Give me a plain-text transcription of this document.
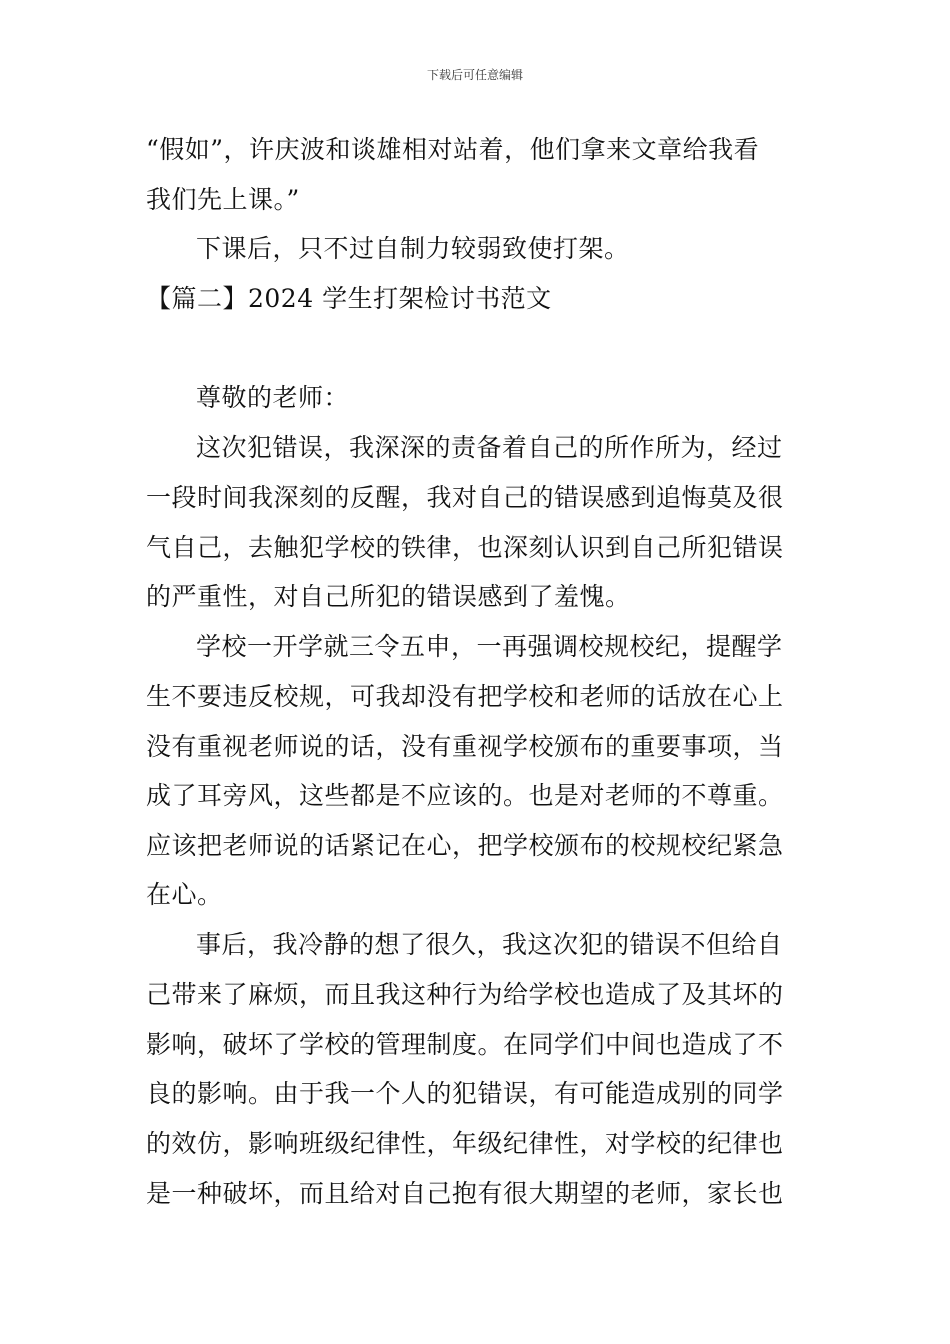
下载后可任意编辑
“假如”，许庆波和谈雄相对站着，他们拿来文章给我看
我们先上课。”
下课后，只不过自制力较弱致使打架。
【篇二】2024 学生打架检讨书范文
尊敬的老师：
这次犯错误，我深深的责备着自己的所作所为，经过
一段时间我深刻的反醒，我对自己的错误感到追悔莫及很
气自己，去触犯学校的铁律，也深刻认识到自己所犯错误
的严重性，对自己所犯的错误感到了羞愧。
学校一开学就三令五申，一再强调校规校纪，提醒学
生不要违反校规，可我却没有把学校和老师的话放在心上
没有重视老师说的话，没有重视学校颁布的重要事项，当
成了耳旁风，这些都是不应该的。也是对老师的不尊重。
应该把老师说的话紧记在心，把学校颁布的校规校纪紧急
在心。
事后，我冷静的想了很久，我这次犯的错误不但给自
己带来了麻烦，而且我这种行为给学校也造成了及其坏的
影响，破坏了学校的管理制度。在同学们中间也造成了不
良的影响。由于我一个人的犯错误，有可能造成别的同学
的效仿，影响班级纪律性，年级纪律性，对学校的纪律也
是一种破坏，而且给对自己抱有很大期望的老师，家长也
